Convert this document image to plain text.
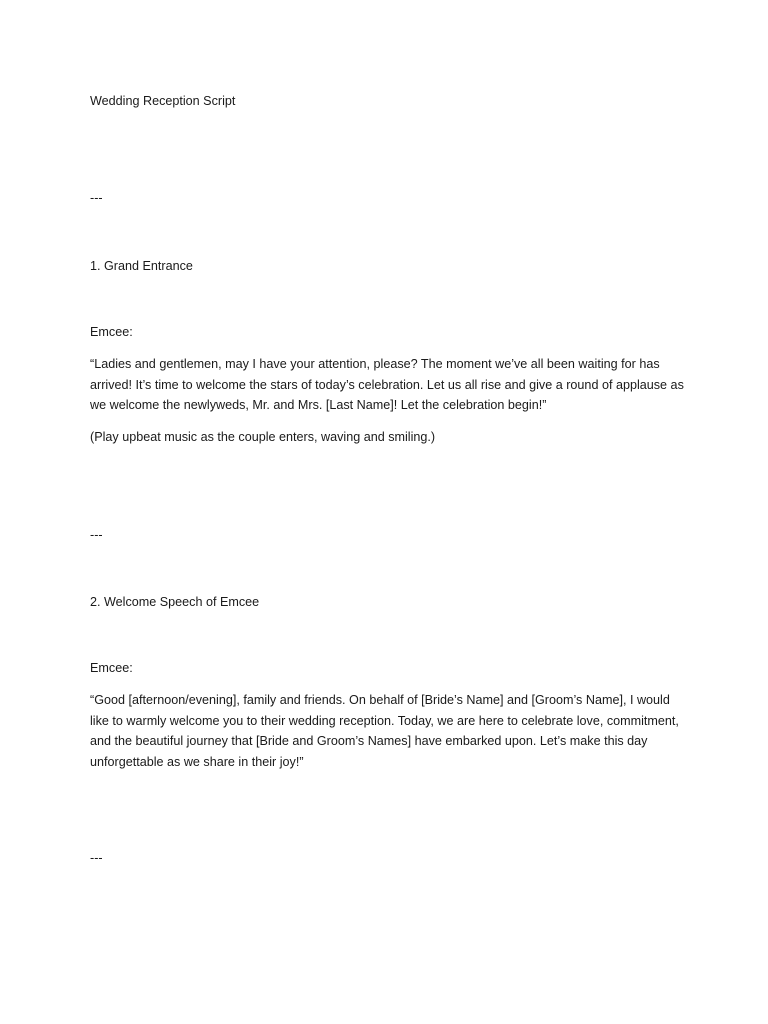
Wedding Reception Script

---

1. Grand Entrance

Emcee:

“Ladies and gentlemen, may I have your attention, please? The moment we’ve all been waiting for has arrived! It’s time to welcome the stars of today’s celebration. Let us all rise and give a round of applause as we welcome the newlyweds, Mr. and Mrs. [Last Name]! Let the celebration begin!”

(Play upbeat music as the couple enters, waving and smiling.)

---

2. Welcome Speech of Emcee

Emcee:

“Good [afternoon/evening], family and friends. On behalf of [Bride’s Name] and [Groom’s Name], I would like to warmly welcome you to their wedding reception. Today, we are here to celebrate love, commitment, and the beautiful journey that [Bride and Groom’s Names] have embarked upon. Let’s make this day unforgettable as we share in their joy!”

---
